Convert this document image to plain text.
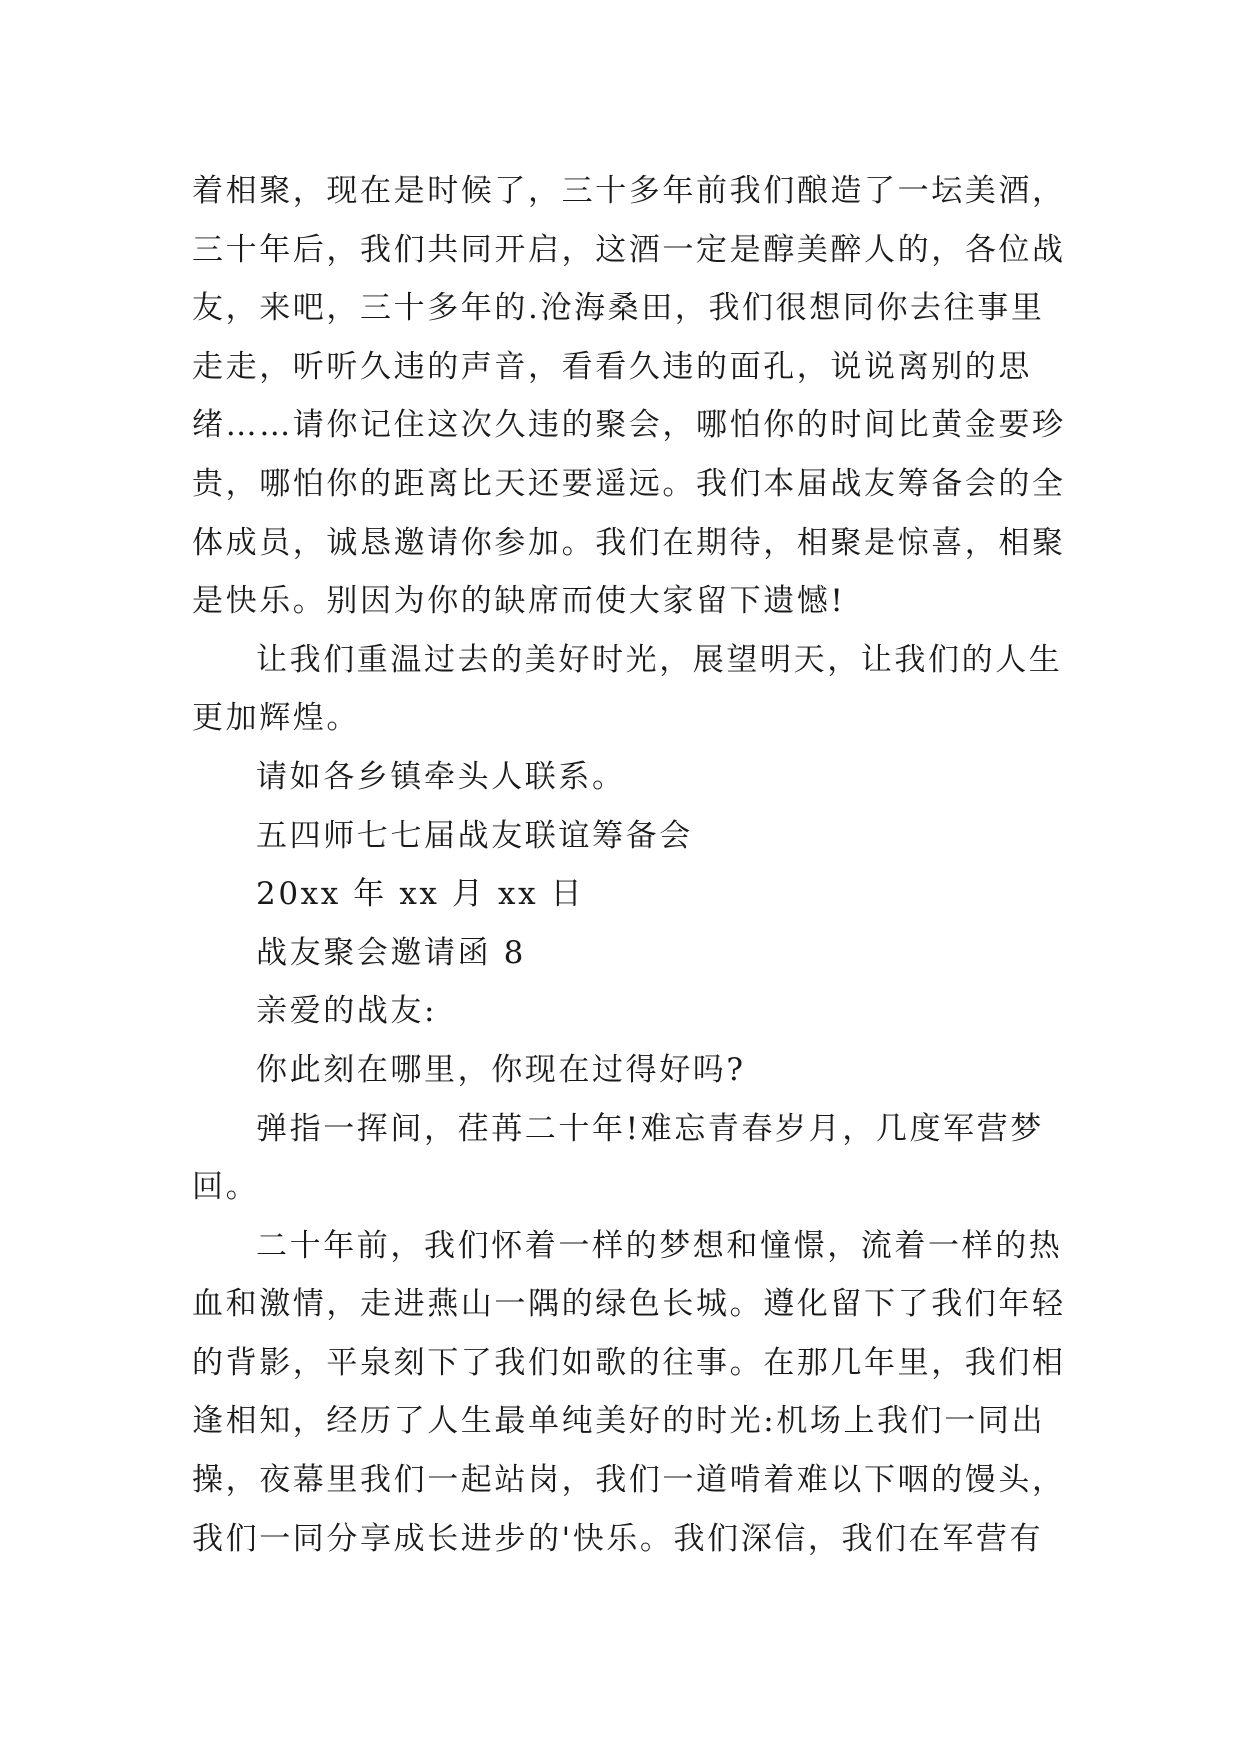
着相聚，现在是时候了，三十多年前我们酿造了一坛美酒，
三十年后，我们共同开启，这酒一定是醇美醉人的，各位战
友，来吧，三十多年的.沧海桑田，我们很想同你去往事里
走走，听听久违的声音，看看久违的面孔，说说离别的思
绪……请你记住这次久违的聚会，哪怕你的时间比黄金要珍
贵，哪怕你的距离比天还要遥远。我们本届战友筹备会的全
体成员，诚恳邀请你参加。我们在期待，相聚是惊喜，相聚
是快乐。别因为你的缺席而使大家留下遗憾!
让我们重温过去的美好时光，展望明天，让我们的人生
更加辉煌。
请如各乡镇牵头人联系。
五四师七七届战友联谊筹备会
20xx 年 xx 月 xx 日
战友聚会邀请函 8
亲爱的战友:
你此刻在哪里，你现在过得好吗?
弹指一挥间，荏苒二十年!难忘青春岁月，几度军营梦
回。
二十年前，我们怀着一样的梦想和憧憬，流着一样的热
血和激情，走进燕山一隅的绿色长城。遵化留下了我们年轻
的背影，平泉刻下了我们如歌的往事。在那几年里，我们相
逢相知，经历了人生最单纯美好的时光:机场上我们一同出
操，夜幕里我们一起站岗，我们一道啃着难以下咽的馒头，
我们一同分享成长进步的'快乐。我们深信，我们在军营有
